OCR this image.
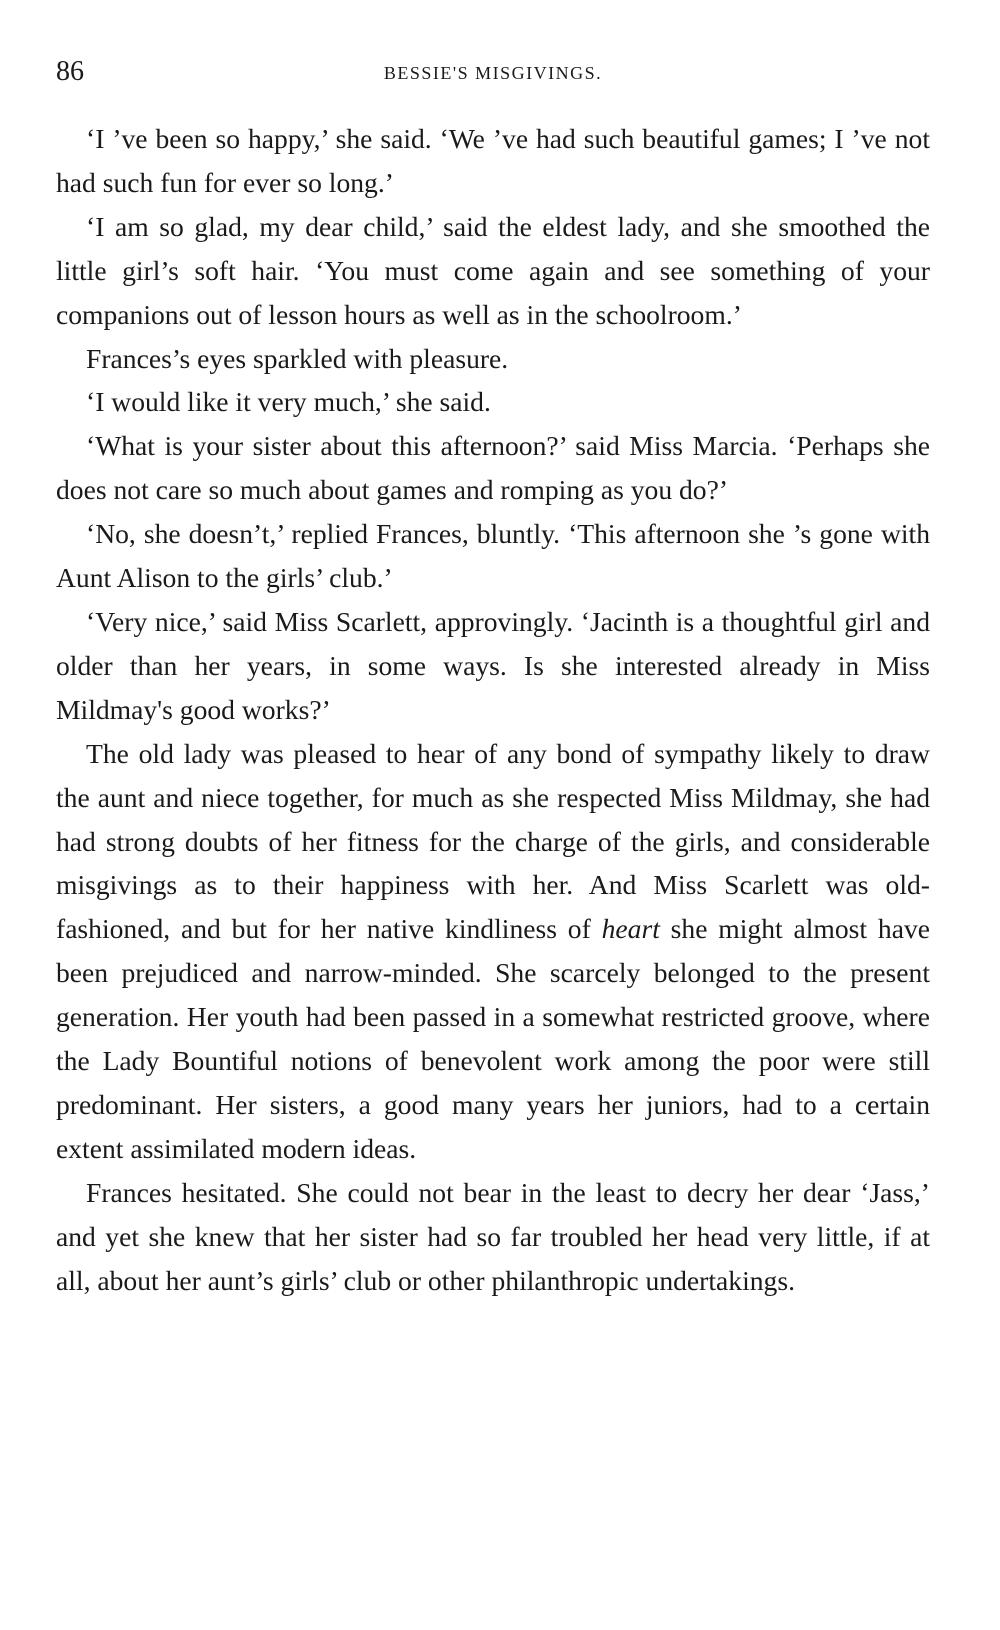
86	BESSIE'S MISGIVINGS.

‘I ’ve been so happy,’ she said. ‘We ’ve had such beautiful games; I ’ve not had such fun for ever so long.’

‘I am so glad, my dear child,’ said the eldest lady, and she smoothed the little girl’s soft hair. ‘You must come again and see something of your companions out of lesson hours as well as in the schoolroom.’

Frances’s eyes sparkled with pleasure.

‘I would like it very much,’ she said.

‘What is your sister about this afternoon?’ said Miss Marcia. ‘Perhaps she does not care so much about games and romping as you do?’

‘No, she doesn’t,’ replied Frances, bluntly. ‘This afternoon she ’s gone with Aunt Alison to the girls’ club.’

‘Very nice,’ said Miss Scarlett, approvingly. ‘Jacinth is a thoughtful girl and older than her years, in some ways. Is she interested already in Miss Mildmay's good works?’

The old lady was pleased to hear of any bond of sympathy likely to draw the aunt and niece together, for much as she respected Miss Mildmay, she had had strong doubts of her fitness for the charge of the girls, and considerable misgivings as to their happiness with her. And Miss Scarlett was old-fashioned, and but for her native kindliness of heart she might almost have been prejudiced and narrow-minded. She scarcely belonged to the present generation. Her youth had been passed in a somewhat restricted groove, where the Lady Bountiful notions of benevolent work among the poor were still predominant. Her sisters, a good many years her juniors, had to a certain extent assimilated modern ideas.

Frances hesitated. She could not bear in the least to decry her dear ‘Jass,’ and yet she knew that her sister had so far troubled her head very little, if at all, about her aunt’s girls’ club or other philanthropic undertakings.
